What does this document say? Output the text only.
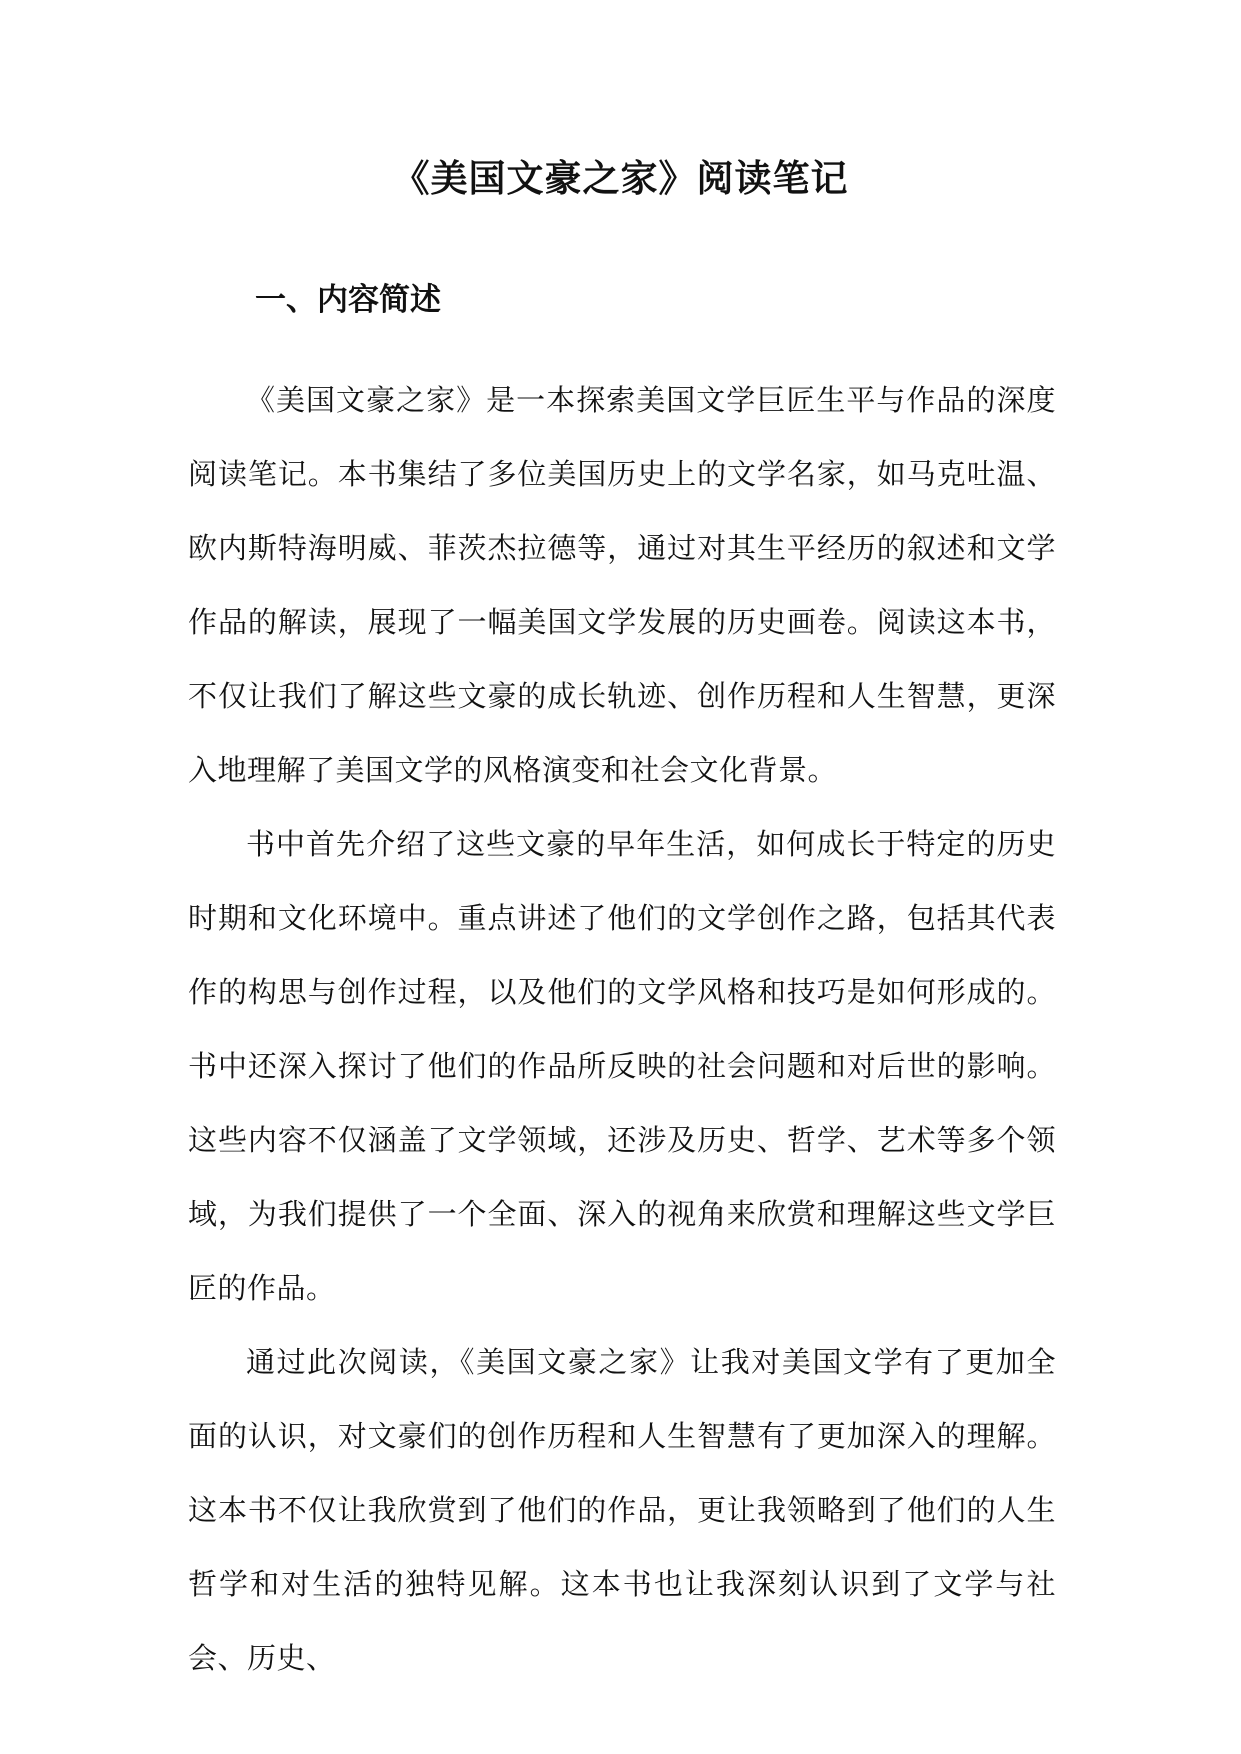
《美国文豪之家》阅读笔记
一、内容简述

《美国文豪之家》是一本探索美国文学巨匠生平与作品的深度阅读笔记。本书集结了多位美国历史上的文学名家，如马克吐温、欧内斯特海明威、菲茨杰拉德等，通过对其生平经历的叙述和文学作品的解读，展现了一幅美国文学发展的历史画卷。阅读这本书，不仅让我们了解这些文豪的成长轨迹、创作历程和人生智慧，更深入地理解了美国文学的风格演变和社会文化背景。

书中首先介绍了这些文豪的早年生活，如何成长于特定的历史时期和文化环境中。重点讲述了他们的文学创作之路，包括其代表作的构思与创作过程，以及他们的文学风格和技巧是如何形成的。书中还深入探讨了他们的作品所反映的社会问题和对后世的影响。这些内容不仅涵盖了文学领域，还涉及历史、哲学、艺术等多个领域，为我们提供了一个全面、深入的视角来欣赏和理解这些文学巨匠的作品。

通过此次阅读，《美国文豪之家》让我对美国文学有了更加全面的认识，对文豪们的创作历程和人生智慧有了更加深入的理解。这本书不仅让我欣赏到了他们的作品，更让我领略到了他们的人生哲学和对生活的独特见解。这本书也让我深刻认识到了文学与社会、历史、
